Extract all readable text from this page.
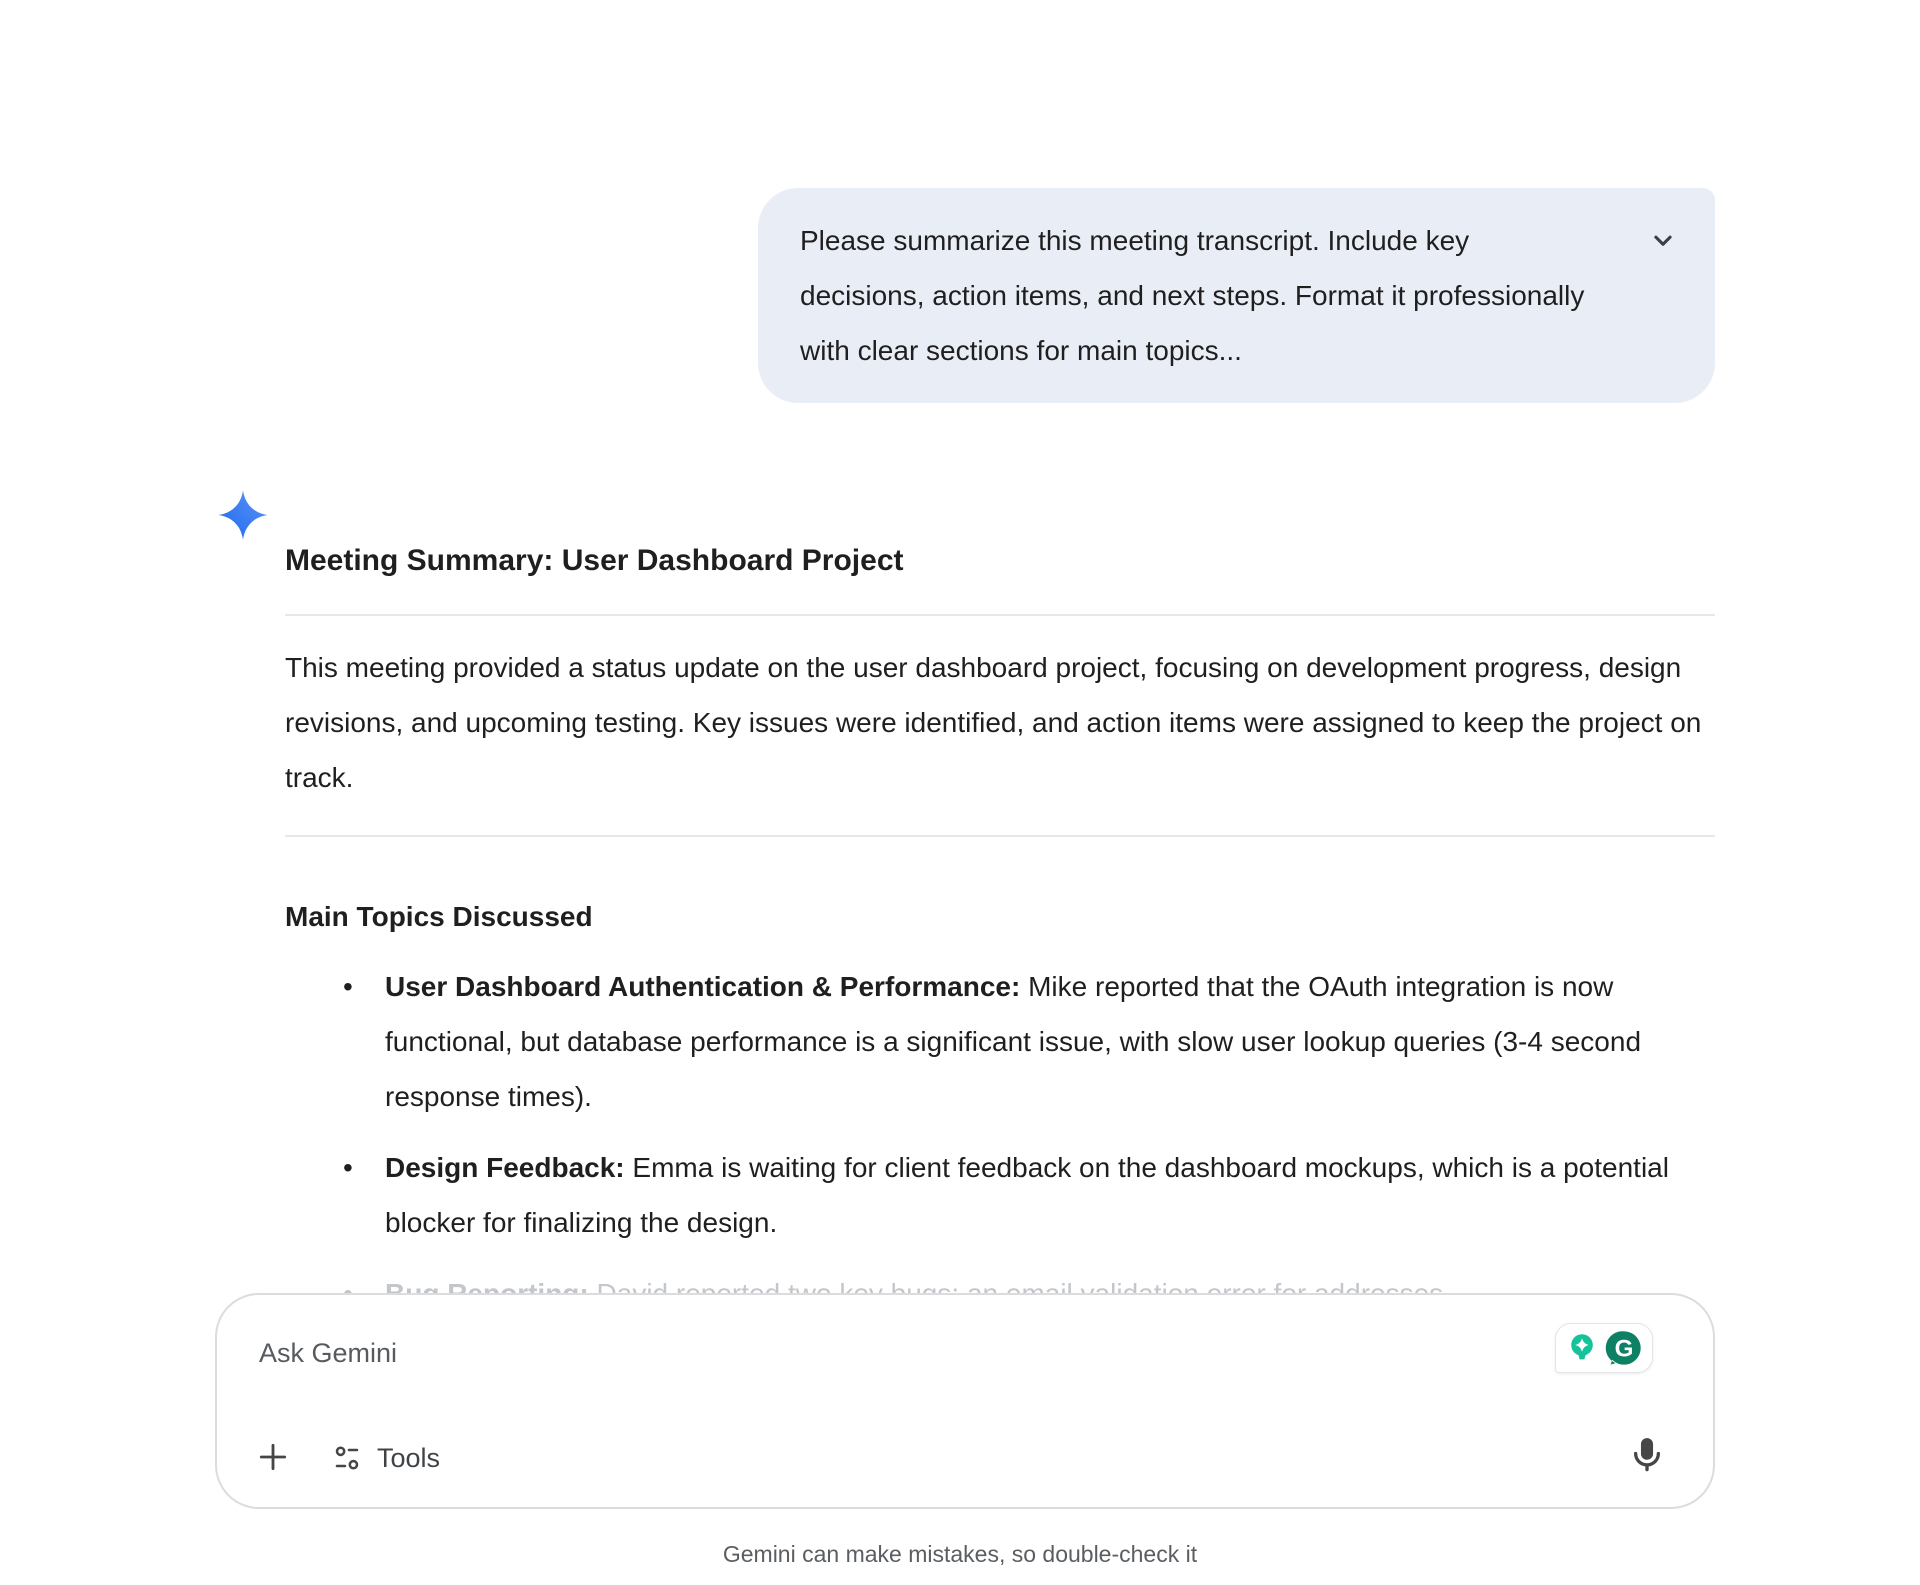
Please summarize this meeting transcript. Include key decisions, action items, and next steps. Format it professionally with clear sections for main topics...
Meeting Summary: User Dashboard Project

This meeting provided a status update on the user dashboard project, focusing on development progress, design revisions, and upcoming testing. Key issues were identified, and action items were assigned to keep the project on track.

Main Topics Discussed
• User Dashboard Authentication & Performance: Mike reported that the OAuth integration is now functional, but database performance is a significant issue, with slow user lookup queries (3-4 second response times).
• Design Feedback: Emma is waiting for client feedback on the dashboard mockups, which is a potential blocker for finalizing the design.
•
Ask Gemini	G
Tools
Gemini can make mistakes, so double-check it
